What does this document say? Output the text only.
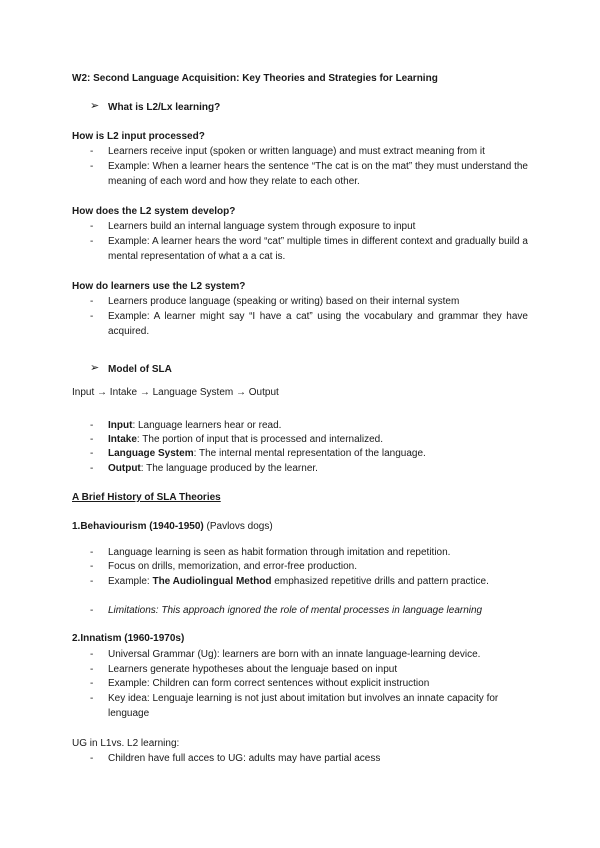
W2: Second Language Acquisition: Key Theories and Strategies for Learning
➢ What is L2/Lx learning?
How is L2 input processed?
- Learners receive input (spoken or written language) and must extract meaning from it
- Example: When a learner hears the sentence “The cat is on the mat” they must understand the meaning of each word and how they relate to each other.
How does the L2 system develop?
- Learners build an internal language system through exposure to input
- Example: A learner hears the word “cat” multiple times in different context and gradually build a mental representation of what a a cat is.
How do learners use the L2 system?
- Learners produce language (speaking or writing) based on their internal system
- Example: A learner might say “I have a cat” using the vocabulary and grammar they have acquired.
➢ Model of SLA
Input → Intake → Language System → Output
- Input: Language learners hear or read.
- Intake: The portion of input that is processed and internalized.
- Language System: The internal mental representation of the language.
- Output: The language produced by the learner.
A Brief History of SLA Theories
1.Behaviourism (1940-1950) (Pavlovs dogs)
- Language learning is seen as habit formation through imitation and repetition.
- Focus on drills, memorization, and error-free production.
- Example: The Audiolingual Method emphasized repetitive drills and pattern practice.
- Limitations: This approach ignored the role of mental processes in language learning
2.Innatism (1960-1970s)
- Universal Grammar (Ug): learners are born with an innate language-learning device.
- Learners generate hypotheses about the lenguaje based on input
- Example: Children can form correct sentences without explicit instruction
- Key idea: Lenguaje learning is not just about imitation but involves an innate capacity for lenguage
UG in L1vs. L2 learning:
- Children have full acces to UG: adults may have partial acess
